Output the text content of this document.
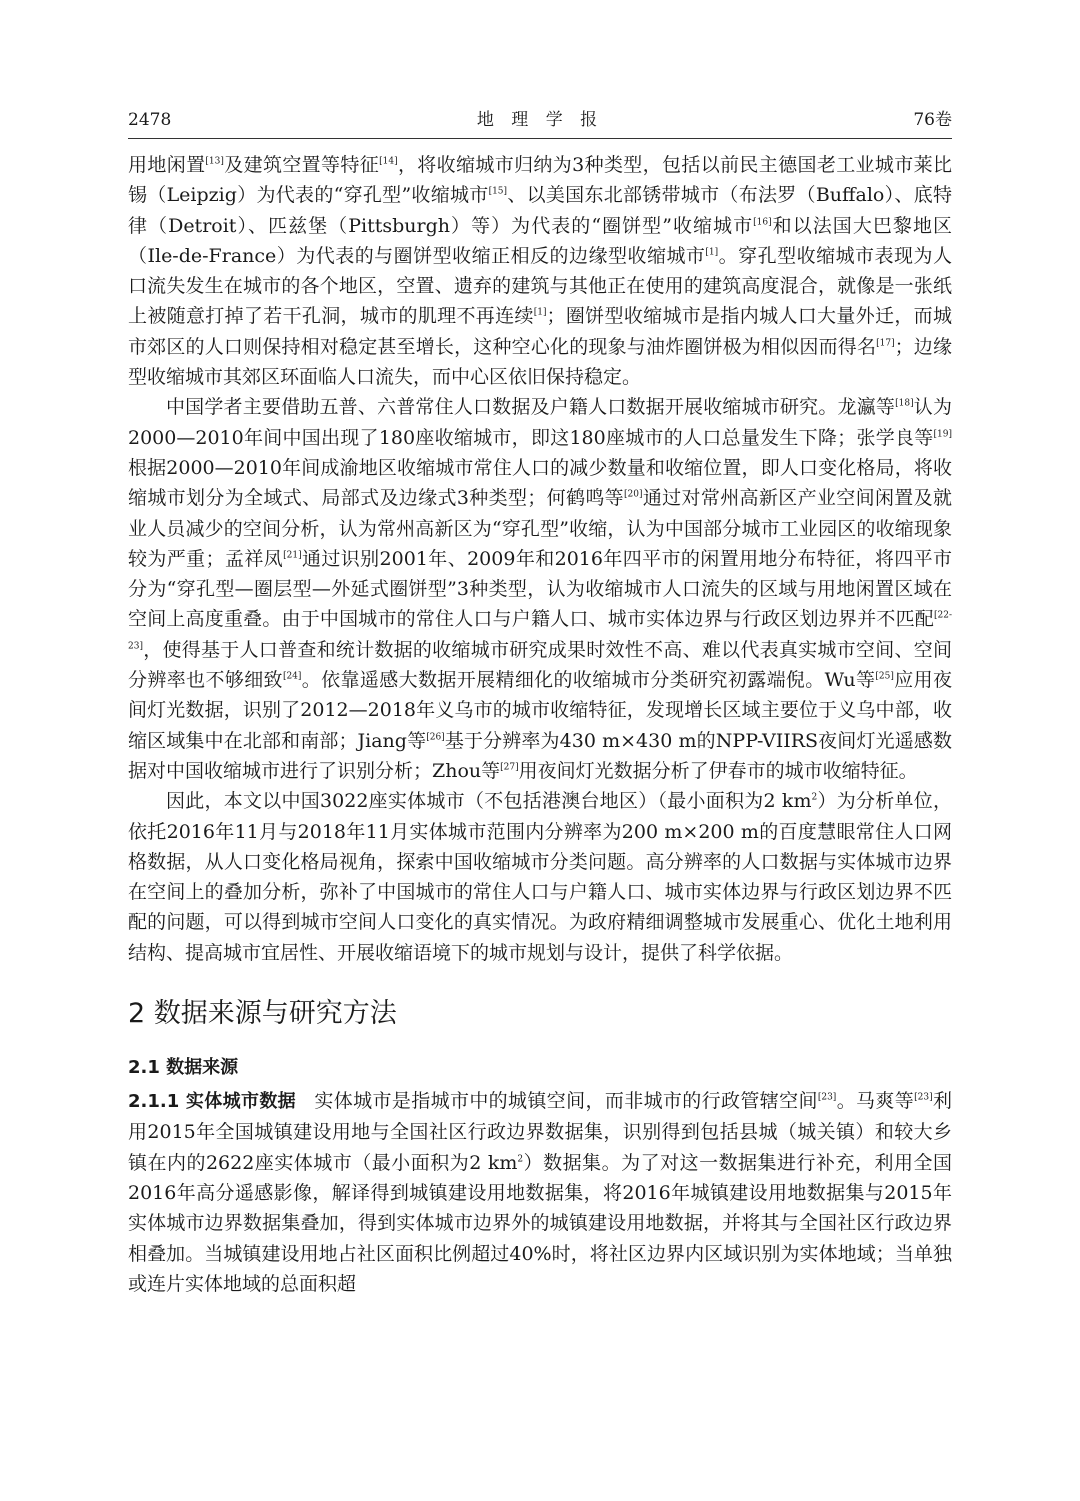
2478	地 理 学 报	76卷

用地闲置[13]及建筑空置等特征[14]，将收缩城市归纳为3种类型，包括以前民主德国老工业城市莱比锡（Leipzig）为代表的“穿孔型”收缩城市[15]、以美国东北部锈带城市（布法罗（Buffalo）、底特律（Detroit）、匹兹堡（Pittsburgh）等）为代表的“圈饼型”收缩城市[16]和以法国大巴黎地区（Ile-de-France）为代表的与圈饼型收缩正相反的边缘型收缩城市[1]。穿孔型收缩城市表现为人口流失发生在城市的各个地区，空置、遗弃的建筑与其他正在使用的建筑高度混合，就像是一张纸上被随意打掉了若干孔洞，城市的肌理不再连续[1]；圈饼型收缩城市是指内城人口大量外迁，而城市郊区的人口则保持相对稳定甚至增长，这种空心化的现象与油炸圈饼极为相似因而得名[17]；边缘型收缩城市其郊区环面临人口流失，而中心区依旧保持稳定。

中国学者主要借助五普、六普常住人口数据及户籍人口数据开展收缩城市研究。龙瀛等[18]认为2000—2010年间中国出现了180座收缩城市，即这180座城市的人口总量发生下降；张学良等[19]根据2000—2010年间成渝地区收缩城市常住人口的减少数量和收缩位置，即人口变化格局，将收缩城市划分为全域式、局部式及边缘式3种类型；何鹤鸣等[20]通过对常州高新区产业空间闲置及就业人员减少的空间分析，认为常州高新区为“穿孔型”收缩，认为中国部分城市工业园区的收缩现象较为严重；孟祥凤[21]通过识别2001年、2009年和2016年四平市的闲置用地分布特征，将四平市分为“穿孔型—圈层型—外延式圈饼型”3种类型，认为收缩城市人口流失的区域与用地闲置区域在空间上高度重叠。由于中国城市的常住人口与户籍人口、城市实体边界与行政区划边界并不匹配[22-23]，使得基于人口普查和统计数据的收缩城市研究成果时效性不高、难以代表真实城市空间、空间分辨率也不够细致[24]。依靠遥感大数据开展精细化的收缩城市分类研究初露端倪。Wu等[25]应用夜间灯光数据，识别了2012—2018年义乌市的城市收缩特征，发现增长区域主要位于义乌中部，收缩区域集中在北部和南部；Jiang等[26]基于分辨率为430 m×430 m的NPP-VIIRS夜间灯光遥感数据对中国收缩城市进行了识别分析；Zhou等[27]用夜间灯光数据分析了伊春市的城市收缩特征。

因此，本文以中国3022座实体城市（不包括港澳台地区）（最小面积为2 $km^2$）为分析单位，依托2016年11月与2018年11月实体城市范围内分辨率为200 m×200 m的百度慧眼常住人口网格数据，从人口变化格局视角，探索中国收缩城市分类问题。高分辨率的人口数据与实体城市边界在空间上的叠加分析，弥补了中国城市的常住人口与户籍人口、城市实体边界与行政区划边界不匹配的问题，可以得到城市空间人口变化的真实情况。为政府精细调整城市发展重心、优化土地利用结构、提高城市宜居性、开展收缩语境下的城市规划与设计，提供了科学依据。

2 数据来源与研究方法
2.1 数据来源

2.1.1 实体城市数据 实体城市是指城市中的城镇空间，而非城市的行政管辖空间[23]。马爽等[23]利用2015年全国城镇建设用地与全国社区行政边界数据集，识别得到包括县城（城关镇）和较大乡镇在内的2622座实体城市（最小面积为2 $km^2$）数据集。为了对这一数据集进行补充，利用全国2016年高分遥感影像，解译得到城镇建设用地数据集，将2016年城镇建设用地数据集与2015年实体城市边界数据集叠加，得到实体城市边界外的城镇建设用地数据，并将其与全国社区行政边界相叠加。当城镇建设用地占社区面积比例超过40%时，将社区边界内区域识别为实体地域；当单独或连片实体地域的总面积超
